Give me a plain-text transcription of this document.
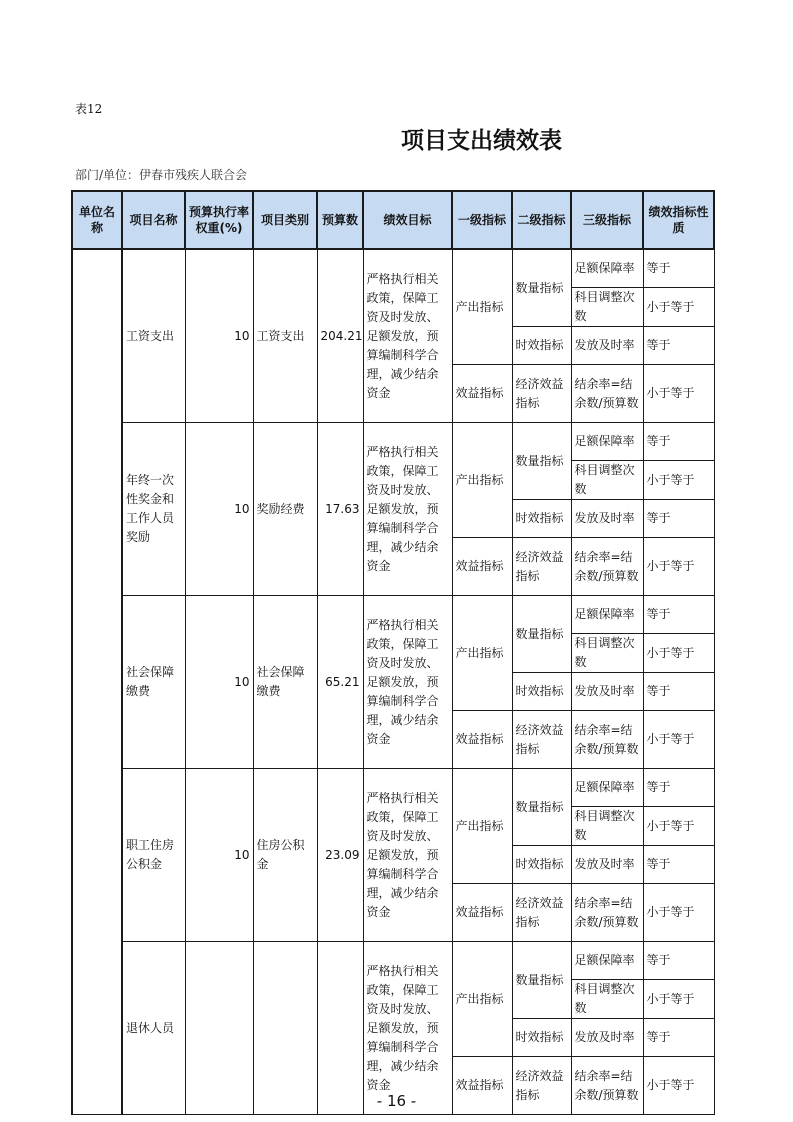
表12
项目支出绩效表
部门/单位：伊春市残疾人联合会
单位名称	项目名称	预算执行率权重(%)	项目类别	预算数	绩效目标	一级指标	二级指标	三级指标	绩效指标性质
	工资支出	10	工资支出	204.21	严格执行相关政策，保障工资及时发放、足额发放，预算编制科学合理，减少结余资金	产出指标	数量指标	足额保障率	等于
								科目调整次数	小于等于
							时效指标	发放及时率	等于
						效益指标	经济效益指标	结余率=结余数/预算数	小于等于
	年终一次性奖金和工作人员奖励	10	奖励经费	17.63	严格执行相关政策，保障工资及时发放、足额发放，预算编制科学合理，减少结余资金	产出指标	数量指标	足额保障率	等于
								科目调整次数	小于等于
							时效指标	发放及时率	等于
						效益指标	经济效益指标	结余率=结余数/预算数	小于等于
	社会保障缴费	10	社会保障缴费	65.21	严格执行相关政策，保障工资及时发放、足额发放，预算编制科学合理，减少结余资金	产出指标	数量指标	足额保障率	等于
								科目调整次数	小于等于
							时效指标	发放及时率	等于
						效益指标	经济效益指标	结余率=结余数/预算数	小于等于
	职工住房公积金	10	住房公积金	23.09	严格执行相关政策，保障工资及时发放、足额发放，预算编制科学合理，减少结余资金	产出指标	数量指标	足额保障率	等于
								科目调整次数	小于等于
							时效指标	发放及时率	等于
						效益指标	经济效益指标	结余率=结余数/预算数	小于等于
	退休人员				严格执行相关政策，保障工资及时发放、足额发放，预算编制科学合理，减少结余资金	产出指标	数量指标	足额保障率	等于
								科目调整次数	小于等于
							时效指标	发放及时率	等于
						效益指标	经济效益指标	结余率=结余数/预算数	小于等于
- 16 -
